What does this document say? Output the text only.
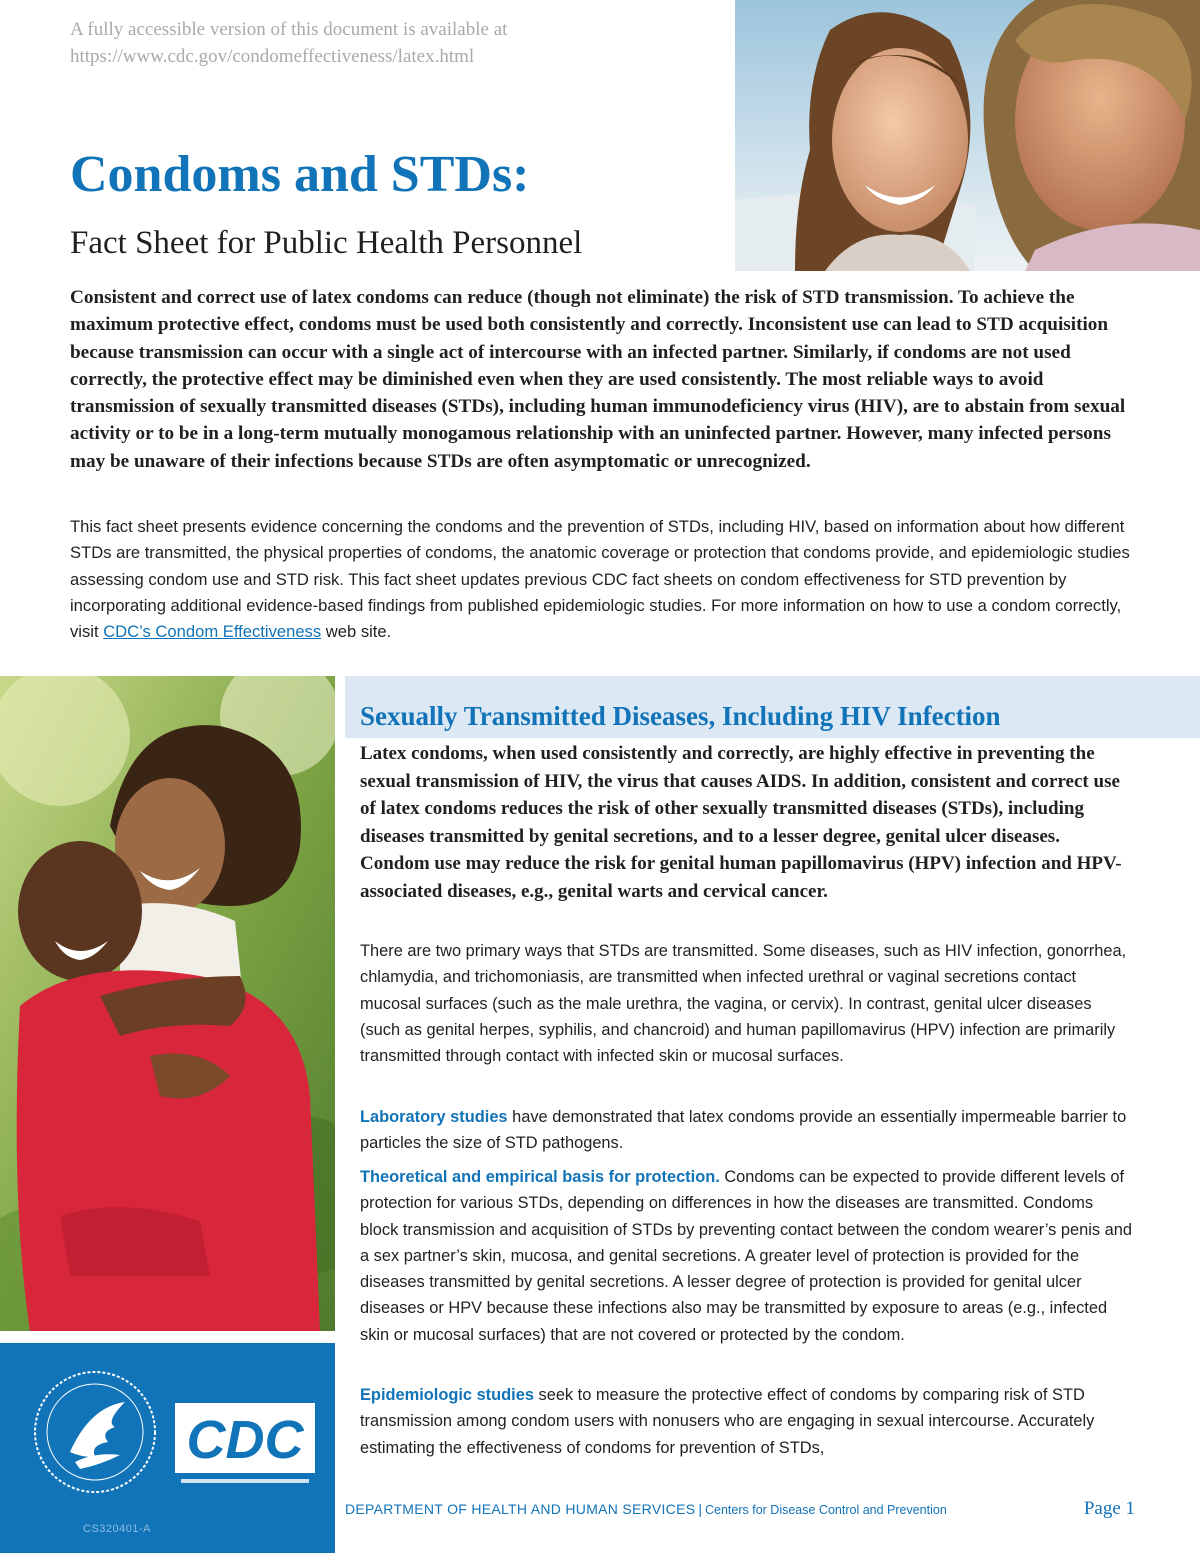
A fully accessible version of this document is available at
https://www.cdc.gov/condomeffectiveness/latex.html
Condoms and STDs:
Fact Sheet for Public Health Personnel

Consistent and correct use of latex condoms can reduce (though not eliminate) the risk of STD transmission. To achieve the maximum protective effect, condoms must be used both consistently and correctly. Inconsistent use can lead to STD acquisition because transmission can occur with a single act of intercourse with an infected partner. Similarly, if condoms are not used correctly, the protective effect may be diminished even when they are used consistently. The most reliable ways to avoid transmission of sexually transmitted diseases (STDs), including human immunodeficiency virus (HIV), are to abstain from sexual activity or to be in a long-term mutually monogamous relationship with an uninfected partner. However, many infected persons may be unaware of their infections because STDs are often asymptomatic or unrecognized.

This fact sheet presents evidence concerning the condoms and the prevention of STDs, including HIV, based on information about how different STDs are transmitted, the physical properties of condoms, the anatomic coverage or protection that condoms provide, and epidemiologic studies assessing condom use and STD risk. This fact sheet updates previous CDC fact sheets on condom effectiveness for STD prevention by incorporating additional evidence-based findings from published epidemiologic studies. For more information on how to use a condom correctly, visit CDC’s Condom Effectiveness web site.

CDC
CS320401-A
Sexually Transmitted Diseases, Including HIV Infection

Latex condoms, when used consistently and correctly, are highly effective in preventing the sexual transmission of HIV, the virus that causes AIDS. In addition, consistent and correct use of latex condoms reduces the risk of other sexually transmitted diseases (STDs), including diseases transmitted by genital secretions, and to a lesser degree, genital ulcer diseases. Condom use may reduce the risk for genital human papillomavirus (HPV) infection and HPV-associated diseases, e.g., genital warts and cervical cancer.

There are two primary ways that STDs are transmitted. Some diseases, such as HIV infection, gonorrhea, chlamydia, and trichomoniasis, are transmitted when infected urethral or vaginal secretions contact mucosal surfaces (such as the male urethra, the vagina, or cervix). In contrast, genital ulcer diseases (such as genital herpes, syphilis, and chancroid) and human papillomavirus (HPV) infection are primarily transmitted through contact with infected skin or mucosal surfaces.

Laboratory studies have demonstrated that latex condoms provide an essentially impermeable barrier to particles the size of STD pathogens.

Theoretical and empirical basis for protection. Condoms can be expected to provide different levels of protection for various STDs, depending on differences in how the diseases are transmitted. Condoms block transmission and acquisition of STDs by preventing contact between the condom wearer’s penis and a sex partner’s skin, mucosa, and genital secretions. A greater level of protection is provided for the diseases transmitted by genital secretions. A lesser degree of protection is provided for genital ulcer diseases or HPV because these infections also may be transmitted by exposure to areas (e.g., infected skin or mucosal surfaces) that are not covered or protected by the condom.

Epidemiologic studies seek to measure the protective effect of condoms by comparing risk of STD transmission among condom users with nonusers who are engaging in sexual intercourse. Accurately estimating the effectiveness of condoms for prevention of STDs,

DEPARTMENT OF HEALTH AND HUMAN SERVICES | Centers for Disease Control and Prevention	Page 1
